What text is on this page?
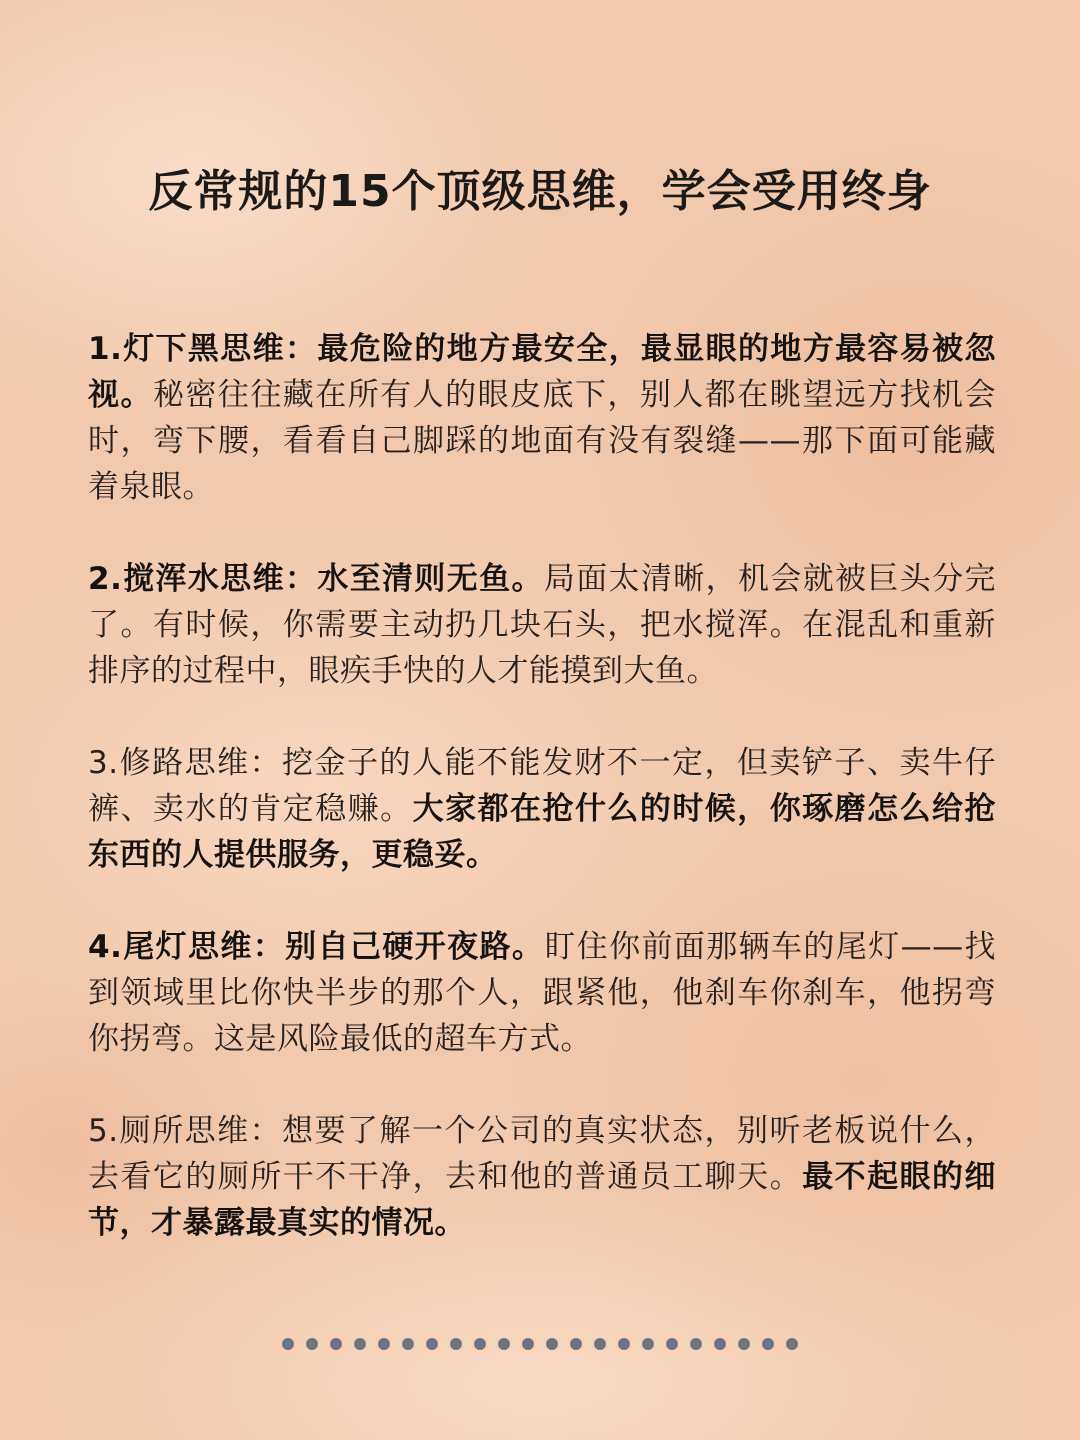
反常规的15个顶级思维，学会受用终身

1.灯下黑思维：最危险的地方最安全，最显眼的地方最容易被忽视。秘密往往藏在所有人的眼皮底下，别人都在眺望远方找机会时，弯下腰，看看自己脚踩的地面有没有裂缝——那下面可能藏着泉眼。

2.搅浑水思维：水至清则无鱼。局面太清晰，机会就被巨头分完了。有时候，你需要主动扔几块石头，把水搅浑。在混乱和重新排序的过程中，眼疾手快的人才能摸到大鱼。

3.修路思维：挖金子的人能不能发财不一定，但卖铲子、卖牛仔裤、卖水的肯定稳赚。大家都在抢什么的时候，你琢磨怎么给抢东西的人提供服务，更稳妥。

4.尾灯思维：别自己硬开夜路。盯住你前面那辆车的尾灯——找到领域里比你快半步的那个人，跟紧他，他刹车你刹车，他拐弯你拐弯。这是风险最低的超车方式。

5.厕所思维：想要了解一个公司的真实状态，别听老板说什么，去看它的厕所干不干净，去和他的普通员工聊天。最不起眼的细节，才暴露最真实的情况。
